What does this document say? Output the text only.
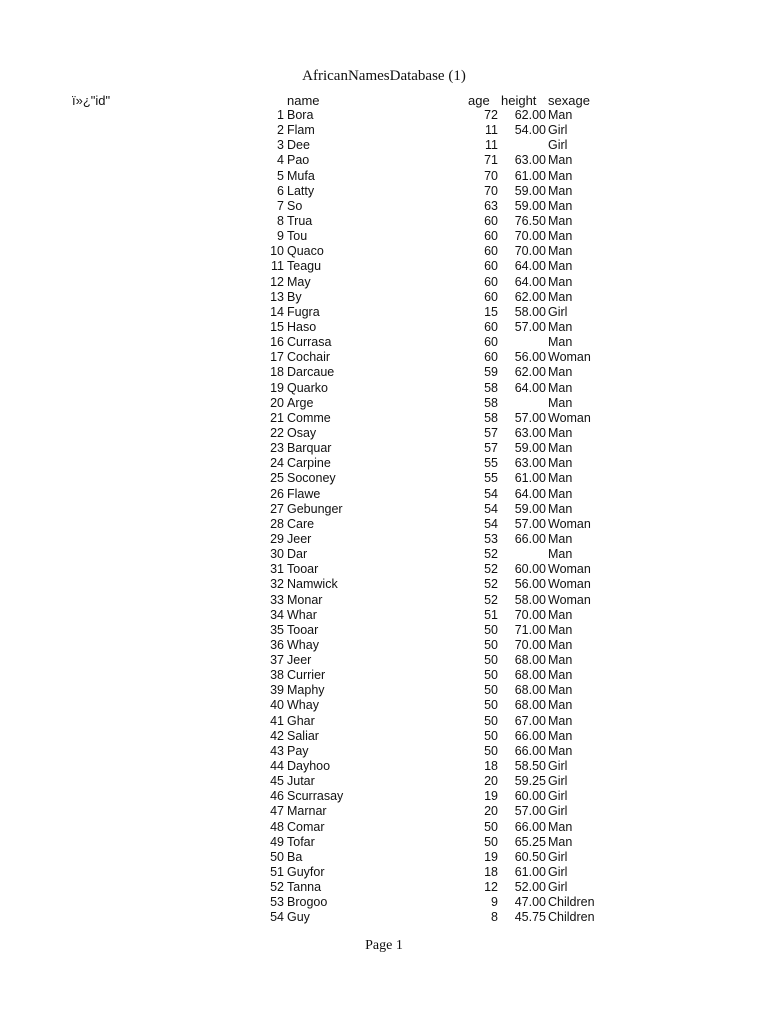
AfricanNamesDatabase (1)
ï»¿"id"	name	age height sexage
1 Bora	72 62.00 Man
2 Flam	11 54.00 Girl
3 Dee	11	Girl
4 Pao	71 63.00 Man
5 Mufa	70 61.00 Man
6 Latty	70 59.00 Man
7 So	63 59.00 Man
8 Trua	60 76.50 Man
9 Tou	60 70.00 Man
10 Quaco	60 70.00 Man
11 Teagu	60 64.00 Man
12 May	60 64.00 Man
13 By	60 62.00 Man
14 Fugra	15 58.00 Girl
15 Haso	60 57.00 Man
16 Currasa	60	Man
17 Cochair	60 56.00 Woman
18 Darcaue	59 62.00 Man
19 Quarko	58 64.00 Man
20 Arge	58	Man
21 Comme	58 57.00 Woman
22 Osay	57 63.00 Man
23 Barquar	57 59.00 Man
24 Carpine	55 63.00 Man
25 Soconey	55 61.00 Man
26 Flawe	54 64.00 Man
27 Gebunger	54 59.00 Man
28 Care	54 57.00 Woman
29 Jeer	53 66.00 Man
30 Dar	52	Man
31 Tooar	52 60.00 Woman
32 Namwick	52 56.00 Woman
33 Monar	52 58.00 Woman
34 Whar	51 70.00 Man
35 Tooar	50 71.00 Man
36 Whay	50 70.00 Man
37 Jeer	50 68.00 Man
38 Currier	50 68.00 Man
39 Maphy	50 68.00 Man
40 Whay	50 68.00 Man
41 Ghar	50 67.00 Man
42 Saliar	50 66.00 Man
43 Pay	50 66.00 Man
44 Dayhoo	18 58.50 Girl
45 Jutar	20 59.25 Girl
46 Scurrasay	19 60.00 Girl
47 Marnar	20 57.00 Girl
48 Comar	50 66.00 Man
49 Tofar	50 65.25 Man
50 Ba	19 60.50 Girl
51 Guyfor	18 61.00 Girl
52 Tanna	12 52.00 Girl
53 Brogoo	9 47.00 Children
54 Guy	8 45.75 Children
Page 1
